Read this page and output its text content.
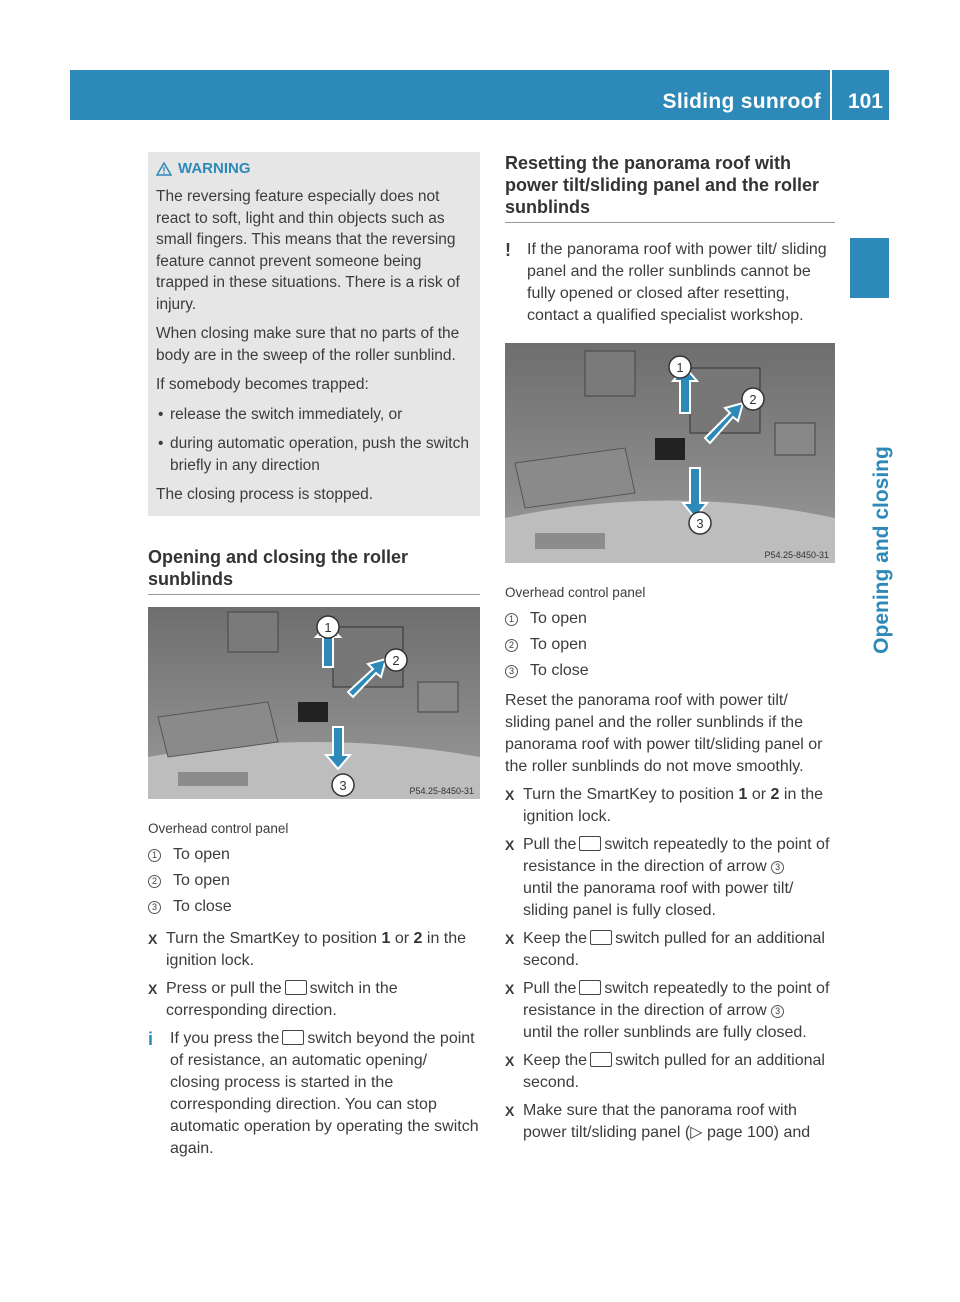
Sliding sunroof 101
Opening and closing
WARNING

The reversing feature especially does not react to soft, light and thin objects such as small fingers. This means that the reversing feature cannot prevent someone being trapped in these situations. There is a risk of injury.

When closing make sure that no parts of the body are in the sweep of the roller sunblind.

If somebody becomes trapped:

• release the switch immediately, or

• during automatic operation, push the switch briefly in any direction

The closing process is stopped.

Opening and closing the roller sunblinds
1
2
3	P54.25-8450-31
Overhead control panel
1 To open
2 To open
3 To close
X Turn the SmartKey to position 1 or 2 in the ignition lock.
X Press or pull the switch in the corresponding direction.
i	If you press the switch beyond the point of resistance, an automatic opening/ closing process is started in the corresponding direction. You can stop automatic operation by operating the switch again.
Resetting the panorama roof with power tilt/sliding panel and the roller sunblinds
!	If the panorama roof with power tilt/ sliding panel and the roller sunblinds cannot be fully opened or closed after resetting, contact a qualified specialist workshop.
1
2
3
P54.25-8450-31
Overhead control panel
1 To open
2 To open
3 To close
Reset the panorama roof with power tilt/ sliding panel and the roller sunblinds if the panorama roof with power tilt/sliding panel or the roller sunblinds do not move smoothly.
X Turn the SmartKey to position 1 or 2 in the ignition lock.
X Pull the switch repeatedly to the point of resistance in the direction of arrow 3
until the panorama roof with power tilt/ sliding panel is fully closed.
X Keep the switch pulled for an additional second.
X Pull the switch repeatedly to the point of resistance in the direction of arrow 3
until the roller sunblinds are fully closed.
X Keep the switch pulled for an additional second.
X Make sure that the panorama roof with power tilt/sliding panel (▷ page 100) and
